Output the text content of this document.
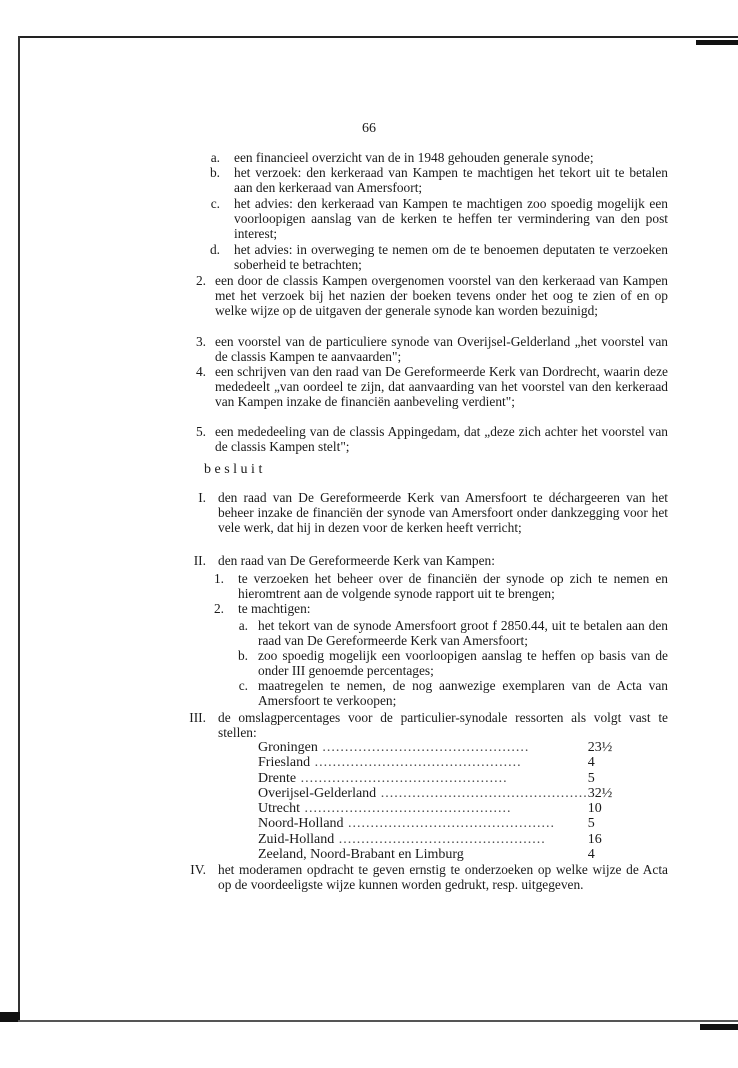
66
a. een financieel overzicht van de in 1948 gehouden generale synode;
b. het verzoek: den kerkeraad van Kampen te machtigen het tekort uit te betalen aan den kerkeraad van Amersfoort;
c. het advies: den kerkeraad van Kampen te machtigen zoo spoedig mogelijk een voorloopigen aanslag van de kerken te heffen ter vermindering van den post interest;
d. het advies: in overweging te nemen om de te benoemen deputaten te verzoeken soberheid te betrachten;
2. een door de classis Kampen overgenomen voorstel van den kerkeraad van Kampen met het verzoek bij het nazien der boeken tevens onder het oog te zien of en op welke wijze op de uitgaven der generale synode kan worden bezuinigd;
3. een voorstel van de particuliere synode van Overijsel-Gelderland „het voorstel van de classis Kampen te aanvaarden";
4. een schrijven van den raad van De Gereformeerde Kerk van Dordrecht, waarin deze mededeelt „van oordeel te zijn, dat aanvaarding van het voorstel van den kerkeraad van Kampen inzake de financiën aanbeveling verdient";
5. een mededeeling van de classis Appingedam, dat „deze zich achter het voorstel van de classis Kampen stelt";
besluit
I. den raad van De Gereformeerde Kerk van Amersfoort te déchargeeren van het beheer inzake de financiën der synode van Amersfoort onder dankzegging voor het vele werk, dat hij in dezen voor de kerken heeft verricht;
II. den raad van De Gereformeerde Kerk van Kampen:
1. te verzoeken het beheer over de financiën der synode op zich te nemen en hieromtrent aan de volgende synode rapport uit te brengen;
2. te machtigen:
a. het tekort van de synode Amersfoort groot f 2850.44, uit te betalen aan den raad van De Gereformeerde Kerk van Amersfoort;
b. zoo spoedig mogelijk een voorloopigen aanslag te heffen op basis van de onder III genoemde percentages;
c. maatregelen te nemen, de nog aanwezige exemplaren van de Acta van Amersfoort te verkoopen;
III. de omslagpercentages voor de particulier-synodale ressorten als volgt vast te stellen:
Groningen ..............................................	23½
Friesland ..............................................	4
Drente ..............................................	5
Overijsel-Gelderland ..............................................	32½
Utrecht ..............................................	10
Noord-Holland ..............................................	5
Zuid-Holland ..............................................	16
Zeeland, Noord-Brabant en Limburg	4
IV. het moderamen opdracht te geven ernstig te onderzoeken op welke wijze de Acta op de voordeeligste wijze kunnen worden gedrukt, resp. uitgegeven.
